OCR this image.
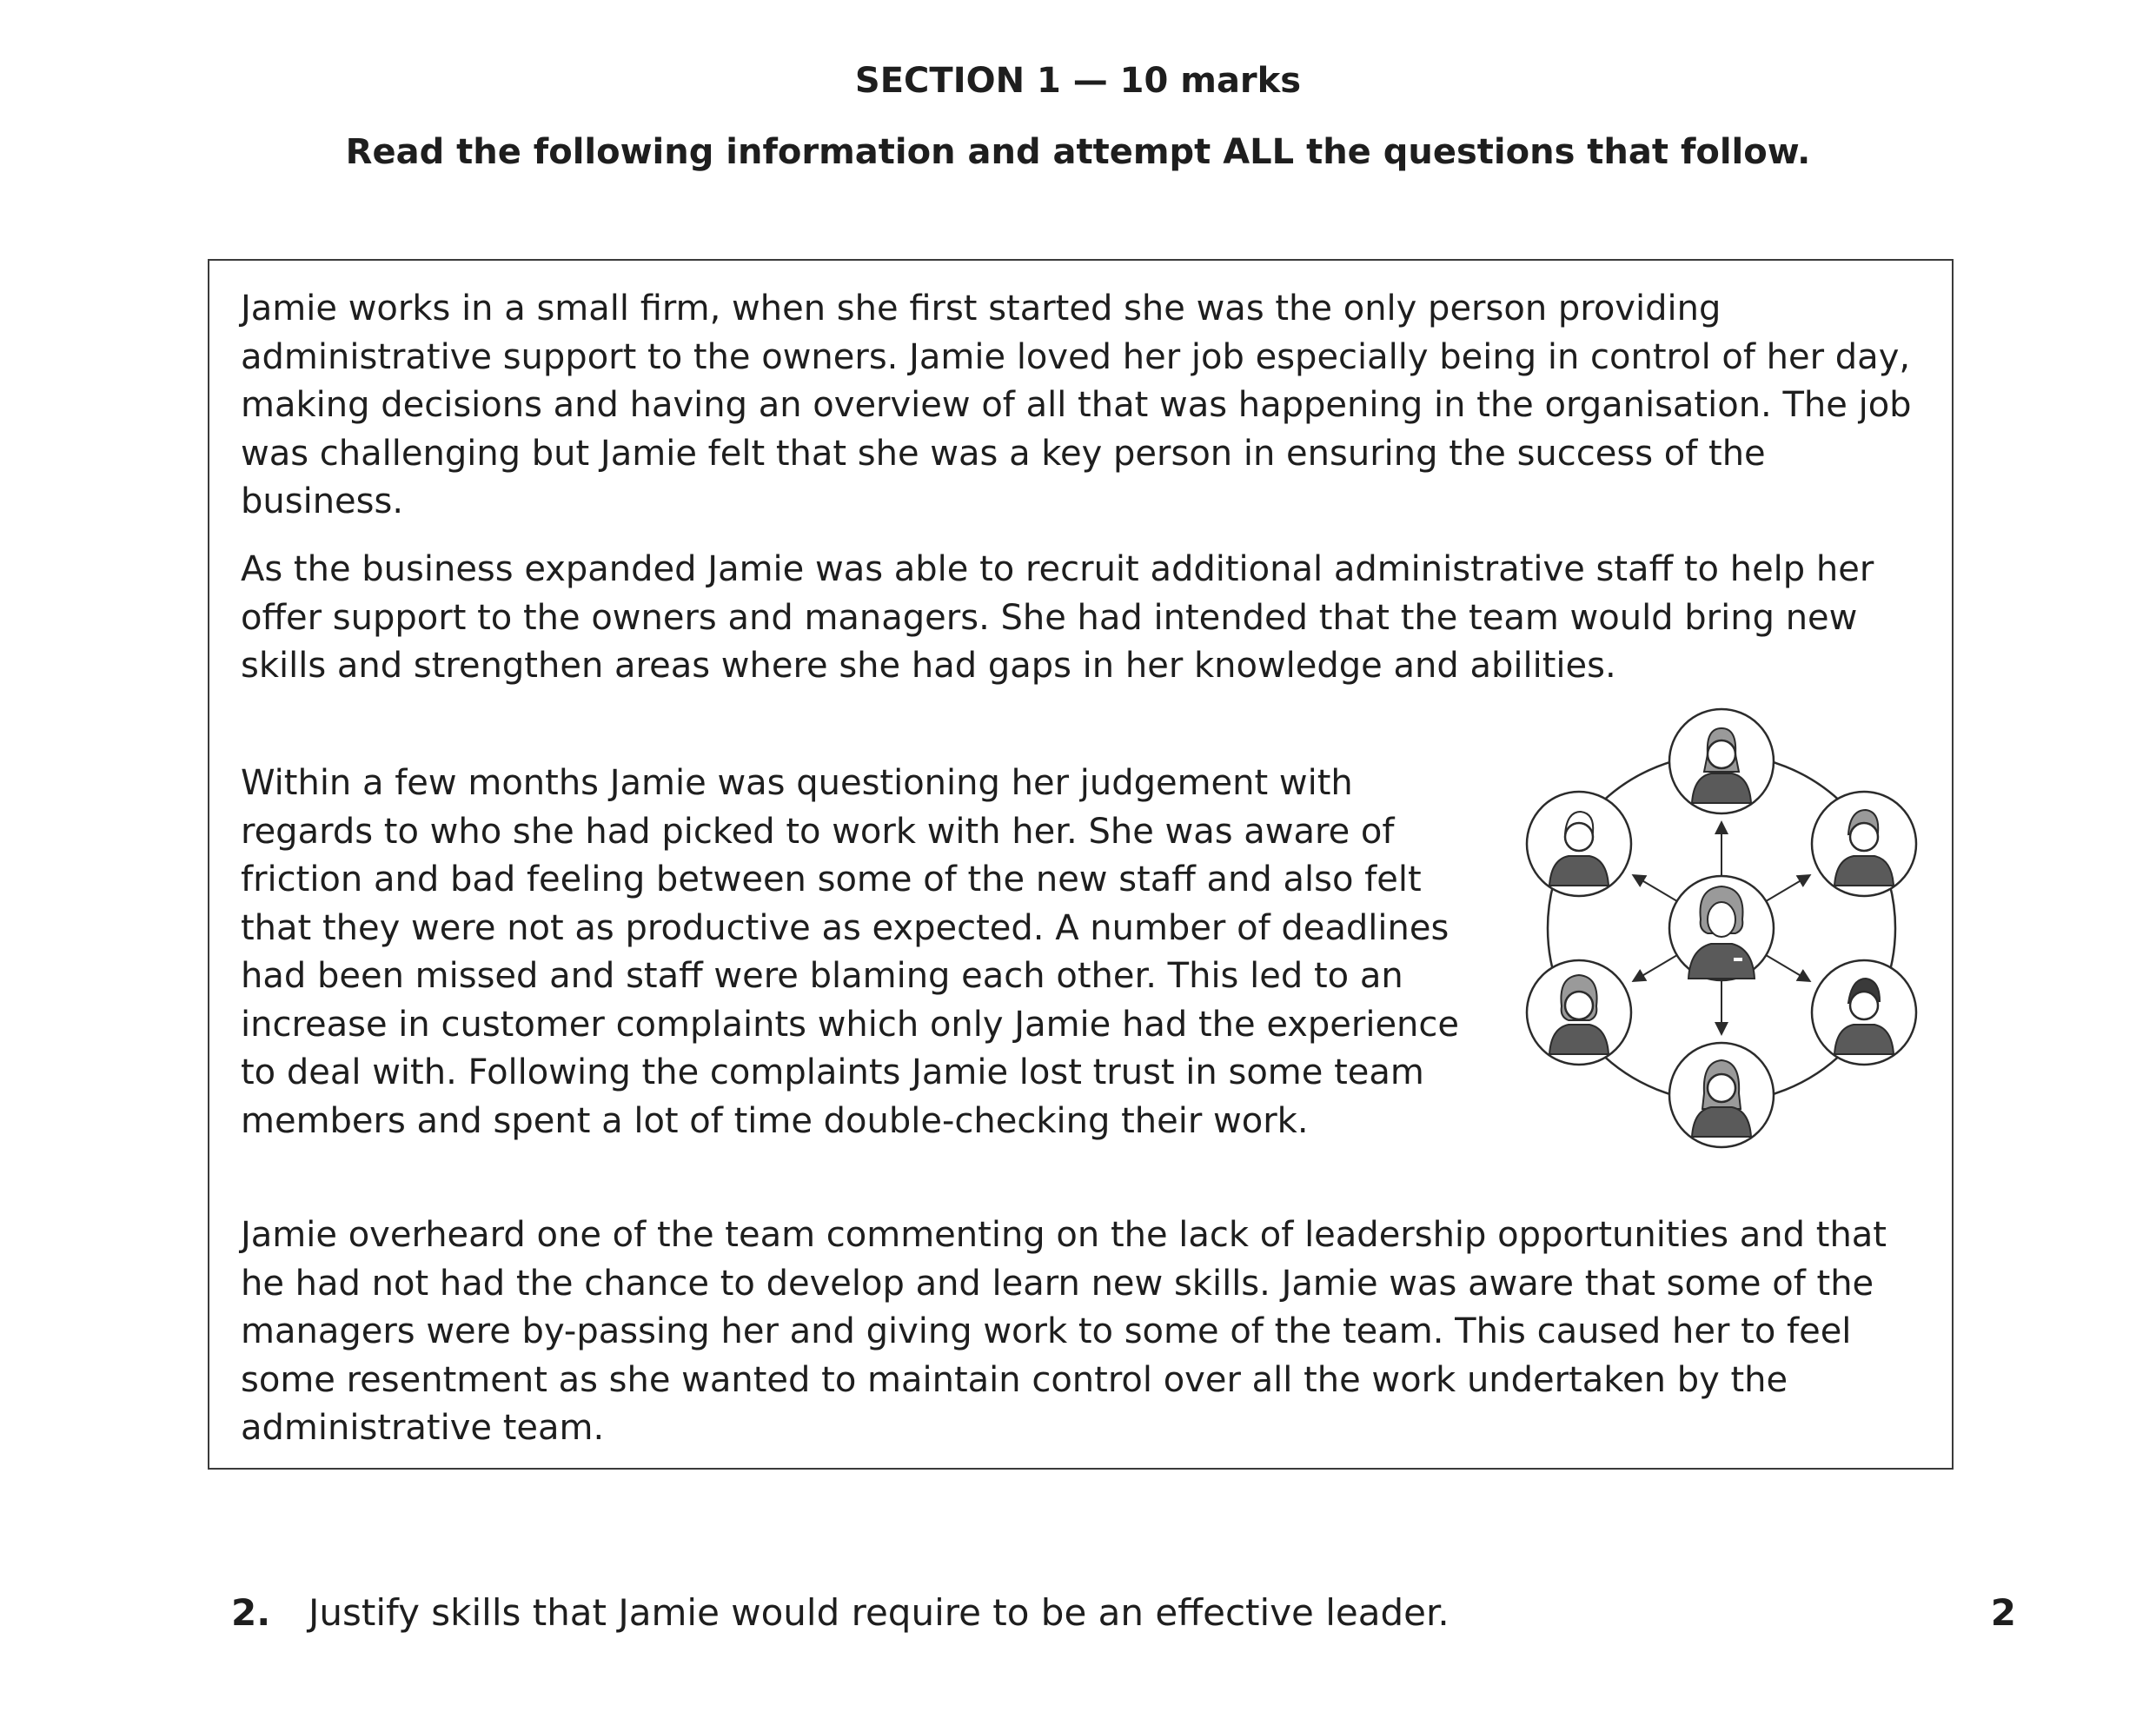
SECTION 1 — 10 marks

Read the following information and attempt ALL the questions that follow.

Jamie works in a small firm, when she first started she was the only person providing administrative support to the owners. Jamie loved her job especially being in control of her day, making decisions and having an overview of all that was happening in the organisation. The job was challenging but Jamie felt that she was a key person in ensuring the success of the business.

As the business expanded Jamie was able to recruit additional administrative staff to help her offer support to the owners and managers. She had intended that the team would bring new skills and strengthen areas where she had gaps in her knowledge and abilities.

Within a few months Jamie was questioning her judgement with regards to who she had picked to work with her. She was aware of friction and bad feeling between some of the new staff and also felt that they were not as productive as expected. A number of deadlines had been missed and staff were blaming each other. This led to an increase in customer complaints which only Jamie had the experience to deal with. Following the complaints Jamie lost trust in some team members and spent a lot of time double-checking their work.

Jamie overheard one of the team commenting on the lack of leadership opportunities and that he had not had the chance to develop and learn new skills. Jamie was aware that some of the managers were by-passing her and giving work to some of the team. This caused her to feel some resentment as she wanted to maintain control over all the work undertaken by the administrative team.

2. Justify skills that Jamie would require to be an effective leader.	2
